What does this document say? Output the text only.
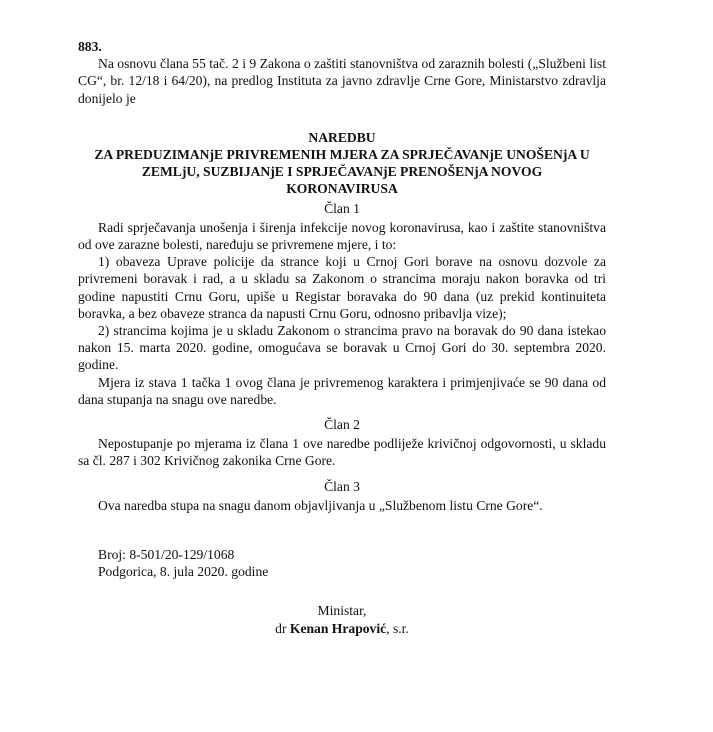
883.

Na osnovu člana 55 tač. 2 i 9 Zakona o zaštiti stanovništva od zaraznih bolesti („Službeni list CG“, br. 12/18 i 64/20), na predlog Instituta za javno zdravlje Crne Gore, Ministarstvo zdravlja donijelo je

NAREDBU
ZA PREDUZIMANjE PRIVREMENIH MJERA ZA SPRJEČAVANjE UNOŠENjA U
ZEMLjU, SUZBIJANjE I SPRJEČAVANjE PRENOŠENjA NOVOG
KORONAVIRUSA
Član 1

Radi sprječavanja unošenja i širenja infekcije novog koronavirusa, kao i zaštite stanovništva od ove zarazne bolesti, naređuju se privremene mjere, i to:

1) obaveza Uprave policije da strance koji u Crnoj Gori borave na osnovu dozvole za privremeni boravak i rad, a u skladu sa Zakonom o strancima moraju nakon boravka od tri godine napustiti Crnu Goru, upiše u Registar boravaka do 90 dana (uz prekid kontinuiteta boravka, a bez obaveze stranca da napusti Crnu Goru, odnosno pribavlja vize);

2) strancima kojima je u skladu Zakonom o strancima pravo na boravak do 90 dana istekao nakon 15. marta 2020. godine, omogućava se boravak u Crnoj Gori do 30. septembra 2020. godine.

Mjera iz stava 1 tačka 1 ovog člana je privremenog karaktera i primjenjivaće se 90 dana od dana stupanja na snagu ove naredbe.

Član 2

Nepostupanje po mjerama iz člana 1 ove naredbe podliježe krivičnoj odgovornosti, u skladu sa čl. 287 i 302 Krivičnog zakonika Crne Gore.

Član 3

Ova naredba stupa na snagu danom objavljivanja u „Službenom listu Crne Gore“.

Broj: 8-501/20-129/1068
Podgorica, 8. jula 2020. godine
Ministar,
dr Kenan Hrapović, s.r.
